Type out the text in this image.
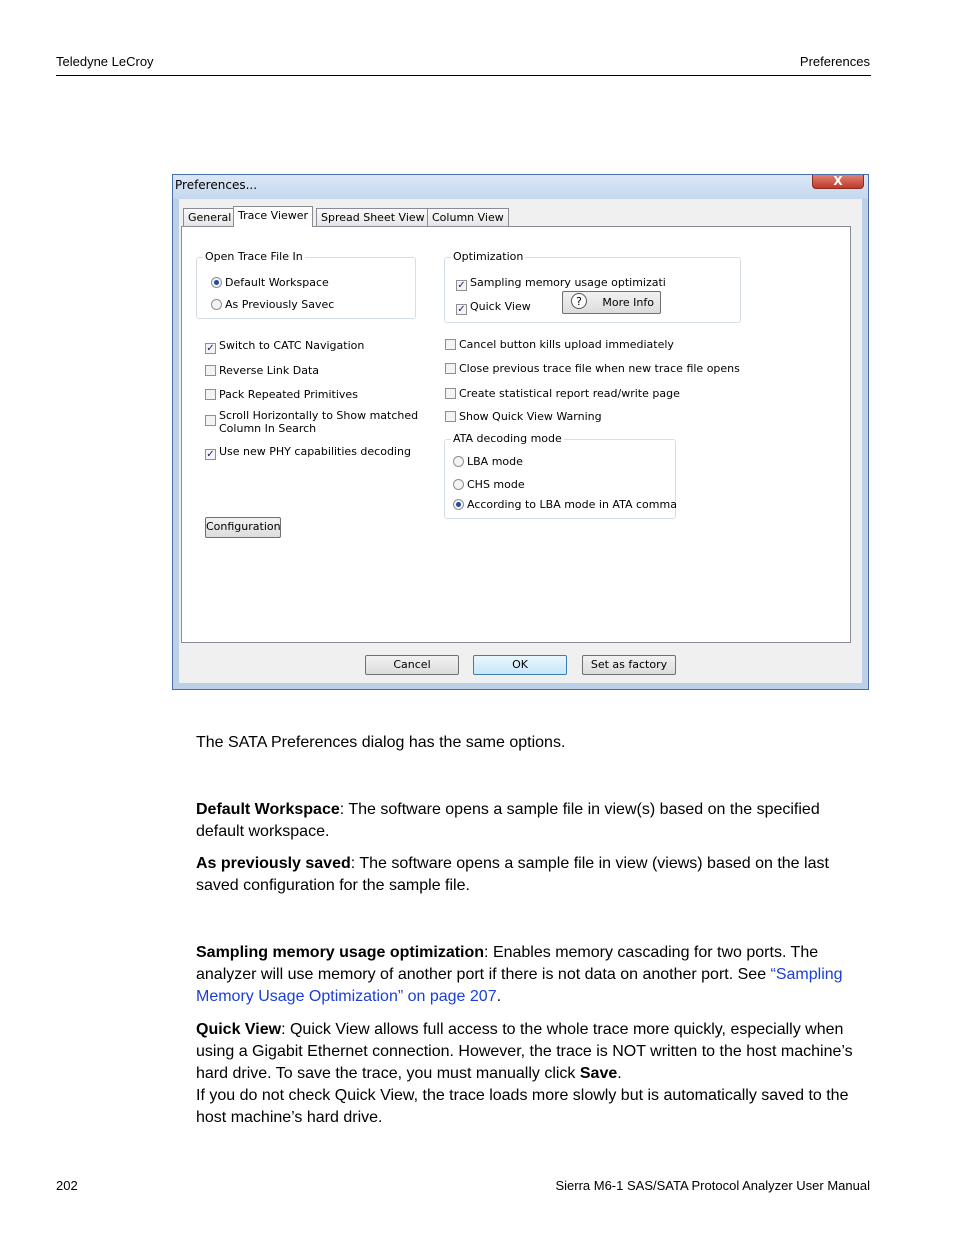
Teledyne LeCroy	Preferences
Preferences...	X
General Trace Viewer	Spread Sheet View Column View
Open Trace File In
Default Workspace
As Previously Savec
Optimization
✓ Sampling memory usage optimizati
✓ Quick View	?	More Info
✓ Switch to CATC Navigation
Reverse Link Data
Pack Repeated Primitives
Scroll Horizontally to Show matched
Column In Search
✓ Use new PHY capabilities decoding
Cancel button kills upload immediately
Close previous trace file when new trace file opens
Create statistical report read/write page
Show Quick View Warning
ATA decoding mode
LBA mode
CHS mode
According to LBA mode in ATA comma
Configuration
Cancel	OK	Set as factory
The SATA Preferences dialog has the same options.
Default Workspace: The software opens a sample file in view(s) based on the specified default workspace.
As previously saved: The software opens a sample file in view (views) based on the last saved configuration for the sample file.
Sampling memory usage optimization: Enables memory cascading for two ports. The analyzer will use memory of another port if there is not data on another port. See “Sampling Memory Usage Optimization” on page 207.
Quick View: Quick View allows full access to the whole trace more quickly, especially when using a Gigabit Ethernet connection. However, the trace is NOT written to the host machine’s hard drive. To save the trace, you must manually click Save.
If you do not check Quick View, the trace loads more slowly but is automatically saved to the host machine’s hard drive.
202	Sierra M6-1 SAS/SATA Protocol Analyzer User Manual
